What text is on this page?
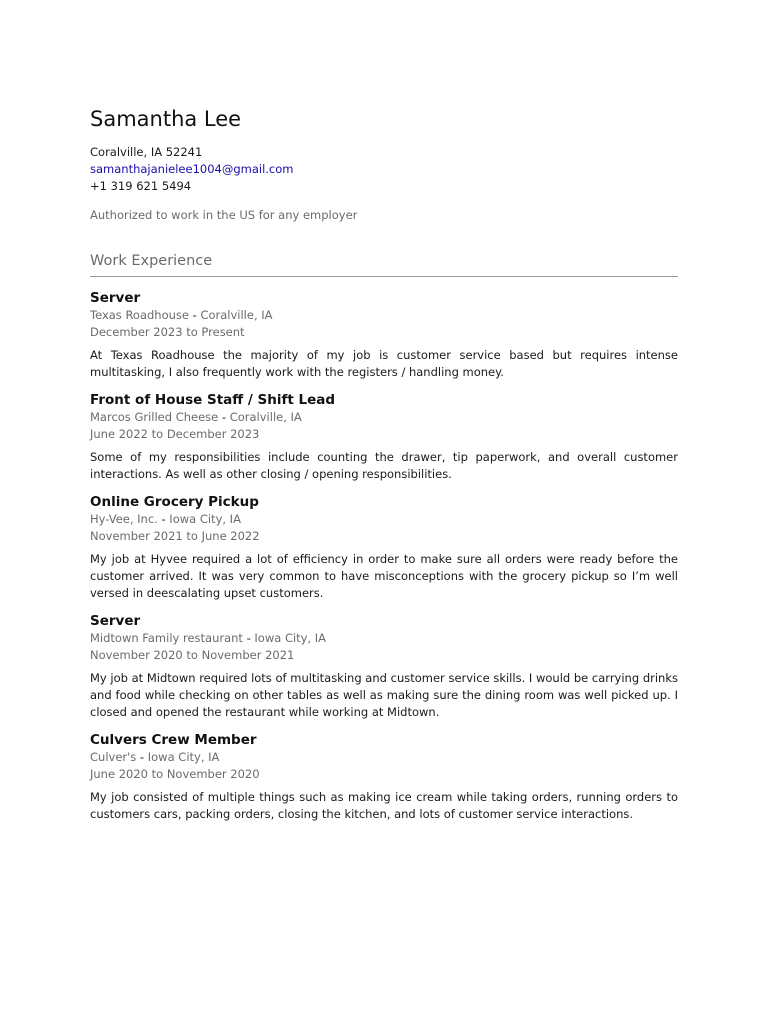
Samantha Lee
Coralville, IA 52241
samanthajanielee1004@gmail.com
+1 319 621 5494
Authorized to work in the US for any employer
Work Experience
Server
Texas Roadhouse - Coralville, IA
December 2023 to Present
At Texas Roadhouse the majority of my job is customer service based but requires intense multitasking, I also frequently work with the registers / handling money.
Front of House Staff / Shift Lead
Marcos Grilled Cheese - Coralville, IA
June 2022 to December 2023
Some of my responsibilities include counting the drawer, tip paperwork, and overall customer interactions. As well as other closing / opening responsibilities.
Online Grocery Pickup
Hy-Vee, Inc. - Iowa City, IA
November 2021 to June 2022
My job at Hyvee required a lot of efficiency in order to make sure all orders were ready before the customer arrived. It was very common to have misconceptions with the grocery pickup so I’m well versed in deescalating upset customers.
Server
Midtown Family restaurant - Iowa City, IA
November 2020 to November 2021
My job at Midtown required lots of multitasking and customer service skills. I would be carrying drinks and food while checking on other tables as well as making sure the dining room was well picked up. I closed and opened the restaurant while working at Midtown.
Culvers Crew Member
Culver's - Iowa City, IA
June 2020 to November 2020
My job consisted of multiple things such as making ice cream while taking orders, running orders to customers cars, packing orders, closing the kitchen, and lots of customer service interactions.
